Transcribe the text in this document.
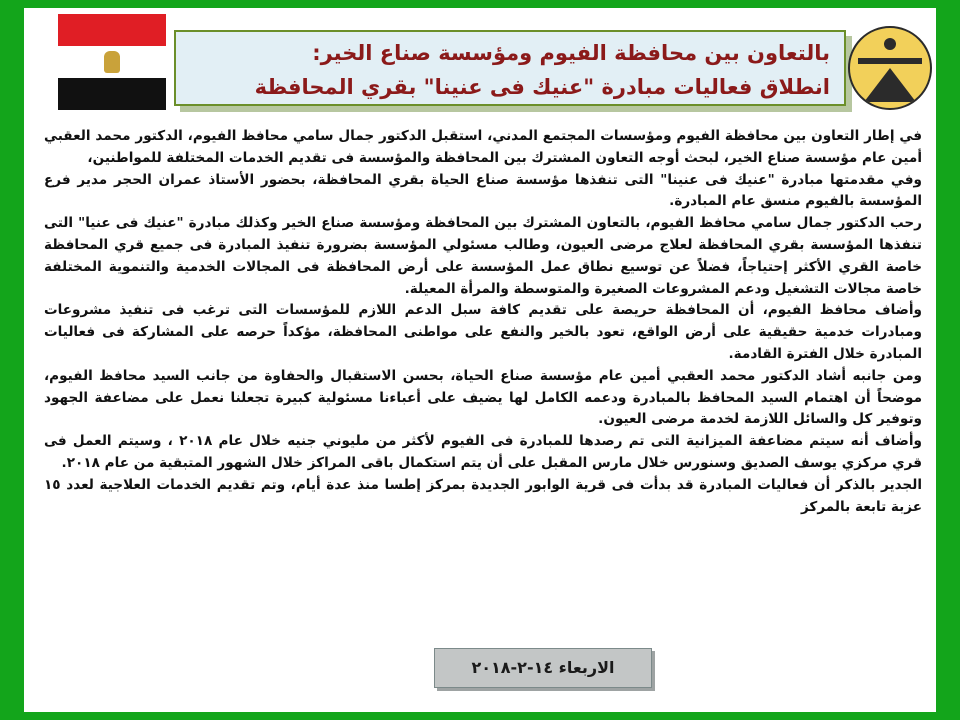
بالتعاون بين محافظة الفيوم ومؤسسة صناع الخير:
انطلاق فعاليات مبادرة "عنيك فى عنينا" بقري المحافظة

في إطار التعاون بين محافظة الفيوم ومؤسسات المجتمع المدني، استقبل الدكتور جمال سامي محافظ الفيوم، الدكتور محمد العقبي أمين عام مؤسسة صناع الخير، لبحث أوجه التعاون المشترك بين المحافظة والمؤسسة فى تقديم الخدمات المختلفة للمواطنين،

وفي مقدمتها مبادرة "عنيك فى عنينا" التى تنفذها مؤسسة صناع الحياة بقري المحافظة، بحضور الأستاذ عمران الحجر مدير فرع المؤسسة بالفيوم منسق عام المبادرة.

رحب الدكتور جمال سامي محافظ الفيوم، بالتعاون المشترك بين المحافظة ومؤسسة صناع الخير وكذلك مبادرة "عنيك فى عنيا" التى تنفذها المؤسسة بقري المحافظة لعلاج مرضى العيون، وطالب مسئولي المؤسسة بضرورة تنفيذ المبادرة فى جميع قري المحافظة خاصة القري الأكثر إحتياجاً، فضلاً عن توسيع نطاق عمل المؤسسة على أرض المحافظة فى المجالات الخدمية والتنموية المختلفة خاصة مجالات التشغيل ودعم المشروعات الصغيرة والمتوسطة والمرأة المعيلة.

وأضاف محافظ الفيوم، أن المحافظة حريصة على تقديم كافة سبل الدعم اللازم للمؤسسات التى ترغب فى تنفيذ مشروعات ومبادرات خدمية حقيقية على أرض الواقع، تعود بالخير والنفع على مواطنى المحافظة، مؤكداً حرصه على المشاركة فى فعاليات المبادرة خلال الفترة القادمة.

ومن جانبه أشاد الدكتور محمد العقبي أمين عام مؤسسة صناع الحياة، بحسن الاستقبال والحفاوة من جانب السيد محافظ الفيوم، موضحاً أن اهتمام السيد المحافظ بالمبادرة ودعمه الكامل لها يضيف على أعباءنا مسئولية كبيرة تجعلنا نعمل على مضاعفة الجهود وتوفير كل والسائل اللازمة لخدمة مرضى العيون.

وأضاف أنه سيتم مضاعفة الميزانية التى تم رصدها للمبادرة فى الفيوم لأكثر من مليوني جنيه خلال عام ٢٠١٨ ، وسيتم العمل فى قري مركزي يوسف الصديق وسنورس خلال مارس المقبل على أن يتم استكمال باقى المراكز خلال الشهور المتبقية من عام ٢٠١٨.

الجدير بالذكر أن فعاليات المبادرة قد بدأت فى قرية الوابور الجديدة بمركز إطسا منذ عدة أيام، وتم تقديم الخدمات العلاجية لعدد ١٥ عزبة تابعة بالمركز

الاربعاء ١٤-٢-٢٠١٨
